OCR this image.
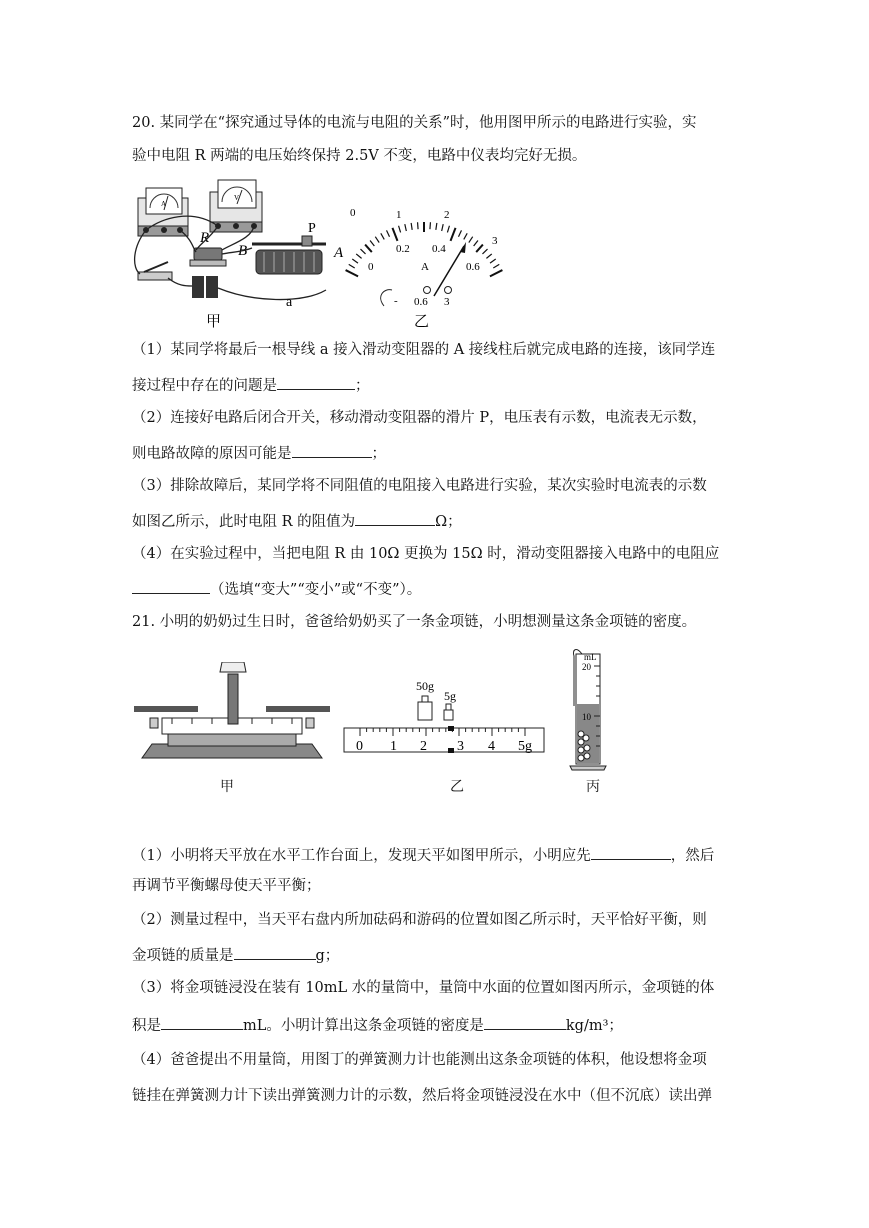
20. 某同学在“探究通过导体的电流与电阻的关系”时，他用图甲所示的电路进行实验，实
验中电阻 R 两端的电压始终保持 2.5V 不变，电路中仪表均完好无损。
A
V
R
B
P
A
a
甲
0	1	2
3
0
0.2 0.4
0.6
A
- 0.6 3
乙
（1）某同学将最后一根导线 a 接入滑动变阻器的 A 接线柱后就完成电路的连接，该同学连
接过程中存在的问题是	；
（2）连接好电路后闭合开关，移动滑动变阻器的滑片 P，电压表有示数，电流表无示数，
则电路故障的原因可能是	；
（3）排除故障后，某同学将不同阻值的电阻接入电路进行实验，某次实验时电流表的示数
如图乙所示，此时电阻 R 的阻值为	Ω；
（4）在实验过程中，当把电阻 R 由 10Ω 更换为 15Ω 时，滑动变阻器接入电路中的电阻应
（选填“变大”“变小”或“不变”）。
21. 小明的奶奶过生日时，爸爸给奶奶买了一条金项链，小明想测量这条金项链的密度。
甲
50g
5g
0 1 2 3 4 5g
乙
mL
20
10
丙
（1）小明将天平放在水平工作台面上，发现天平如图甲所示，小明应先	，然后
再调节平衡螺母使天平平衡；
（2）测量过程中，当天平右盘内所加砝码和游码的位置如图乙所示时，天平恰好平衡，则
金项链的质量是	g；
（3）将金项链浸没在装有 10mL 水的量筒中，量筒中水面的位置如图丙所示，金项链的体
积是	mL。小明计算出这条金项链的密度是	kg/m³；
（4）爸爸提出不用量筒，用图丁的弹簧测力计也能测出这条金项链的体积，他设想将金项
链挂在弹簧测力计下读出弹簧测力计的示数，然后将金项链浸没在水中（但不沉底）读出弹
